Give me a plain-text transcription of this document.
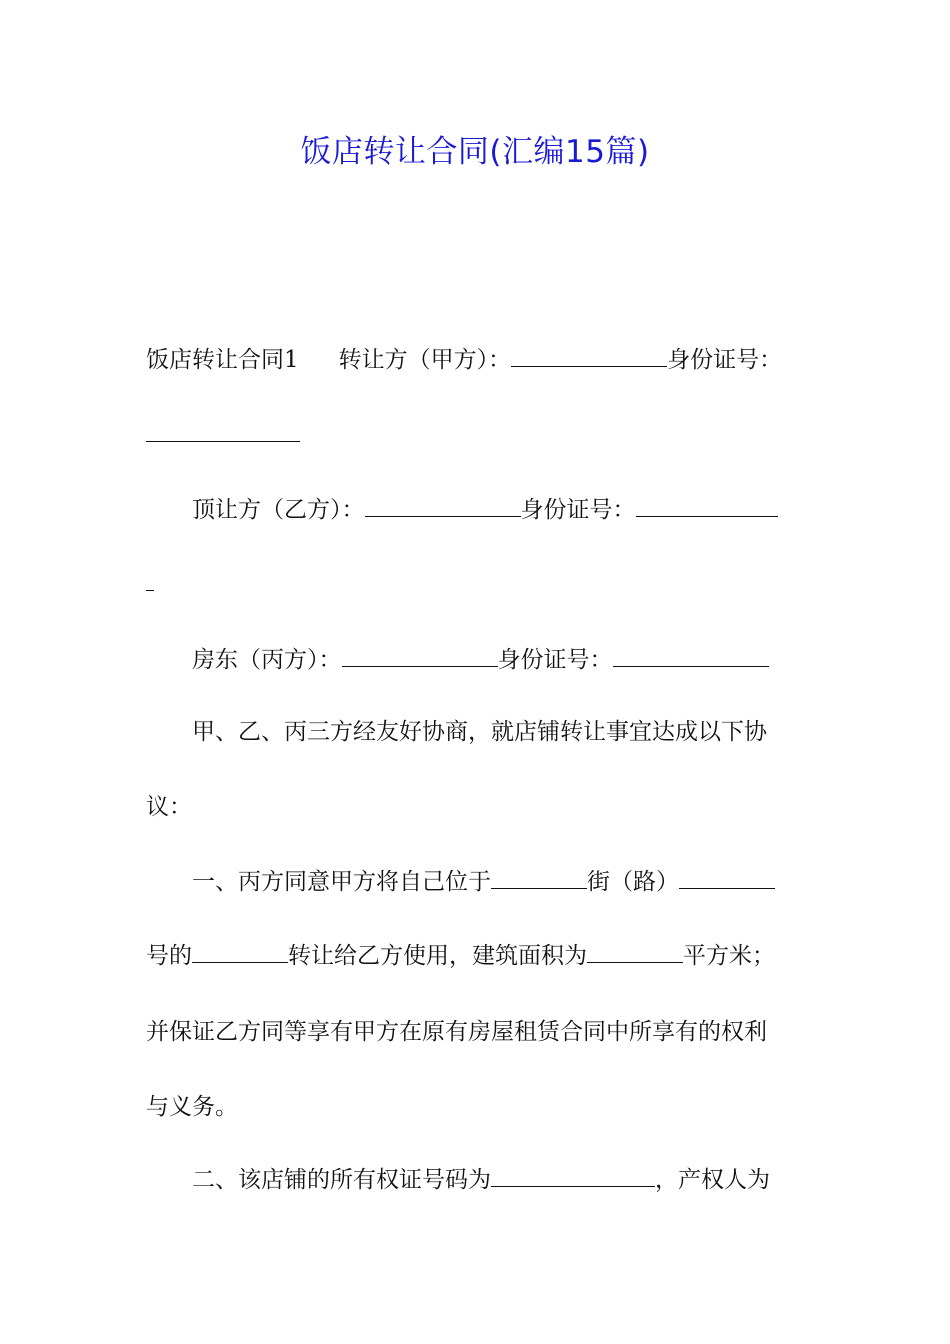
饭店转让合同(汇编15篇)
饭店转让合同1 转让方（甲方）：	身份证号：
顶让方（乙方）：	身份证号：
房东（丙方）：	身份证号：
甲、乙、丙三方经友好协商，就店铺转让事宜达成以下协
议：
一、丙方同意甲方将自己位于	街（路）
号的	转让给乙方使用，建筑面积为	平方米；
并保证乙方同等享有甲方在原有房屋租赁合同中所享有的权利
与义务。
二、该店铺的所有权证号码为	，产权人为
